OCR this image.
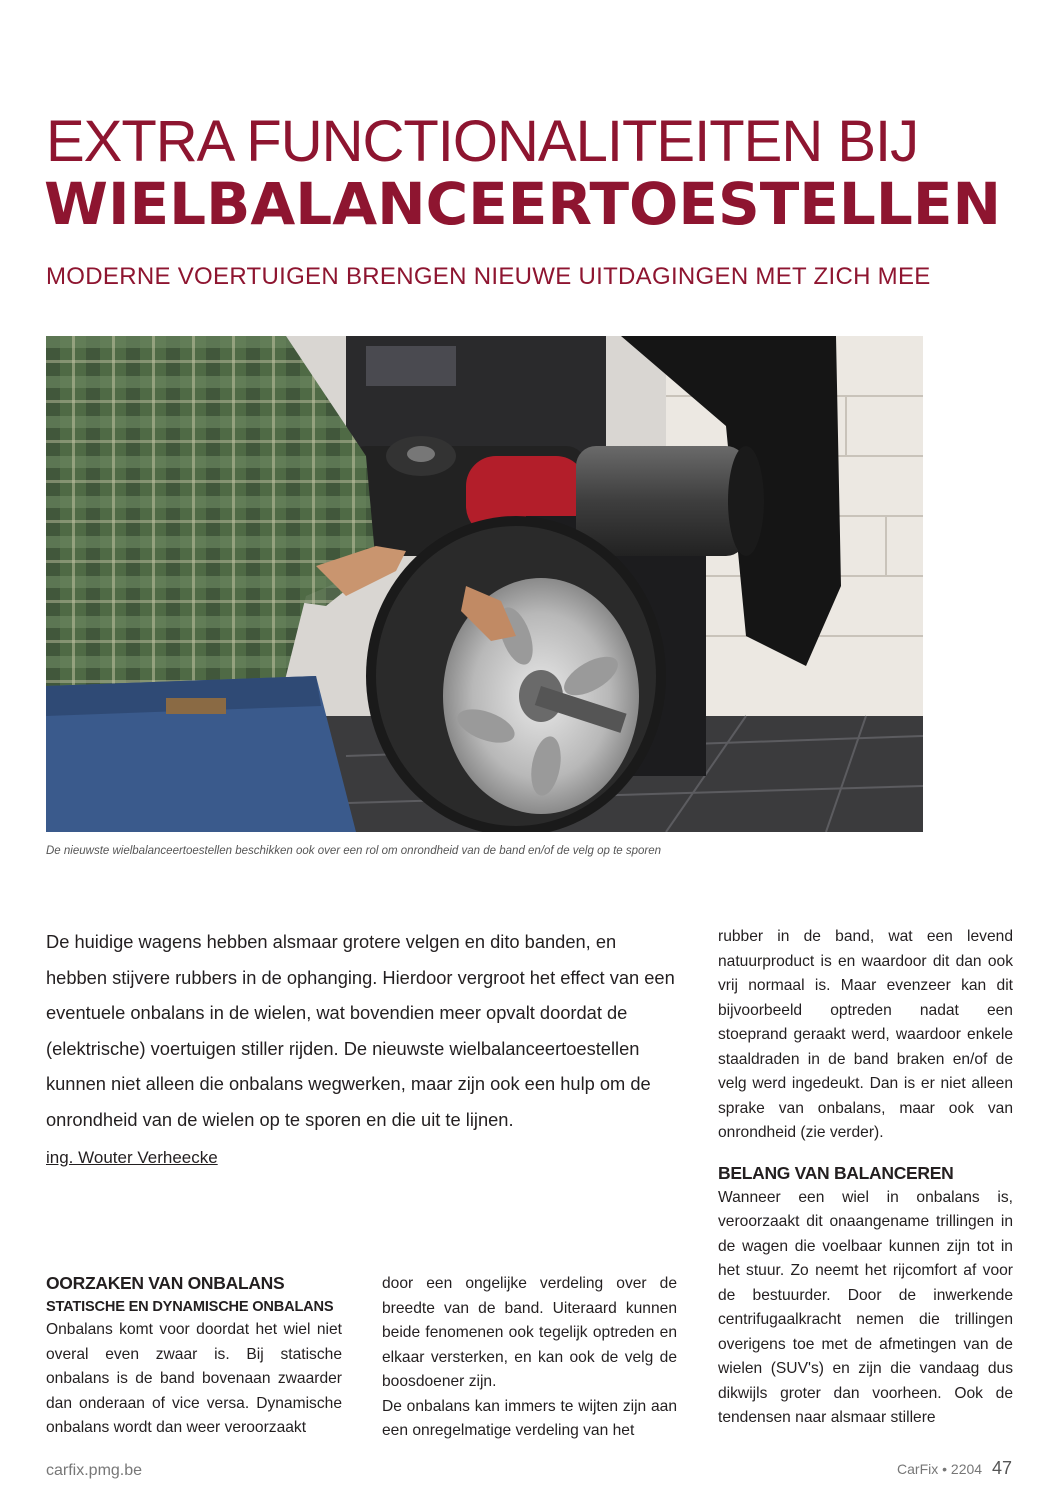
EXTRA FUNCTIONALITEITEN BIJ
WIELBALANCEERTOESTELLEN
MODERNE VOERTUIGEN BRENGEN NIEUWE UITDAGINGEN MET ZICH MEE
De nieuwste wielbalanceertoestellen beschikken ook over een rol om onrondheid van de band en/of de velg op te sporen
De huidige wagens hebben alsmaar grotere velgen en dito banden, en hebben stijvere rubbers in de ophanging. Hierdoor vergroot het effect van een eventuele onbalans in de wielen, wat bovendien meer opvalt doordat de (elektrische) voertuigen stiller rijden. De nieuwste wielbalanceertoestellen kunnen niet alleen die onbalans wegwerken, maar zijn ook een hulp om de onrondheid van de wielen op te sporen en die uit te lijnen.
ing. Wouter Verheecke

OORZAKEN VAN ONBALANS

STATISCHE EN DYNAMISCHE ONBALANS

Onbalans komt voor doordat het wiel niet overal even zwaar is. Bij statische onbalans is de band bovenaan zwaarder dan onderaan of vice versa. Dynamische onbalans wordt dan weer veroorzaakt

door een ongelijke verdeling over de breedte van de band. Uiteraard kunnen beide fenomenen ook tegelijk optreden en elkaar versterken, en kan ook de velg de boosdoener zijn.

De onbalans kan immers te wijten zijn aan een onregelmatige verdeling van het

rubber in de band, wat een levend natuurproduct is en waardoor dit dan ook vrij normaal is. Maar evenzeer kan dit bijvoorbeeld optreden nadat een stoeprand geraakt werd, waardoor enkele staaldraden in de band braken en/of de velg werd ingedeukt. Dan is er niet alleen sprake van onbalans, maar ook van onrondheid (zie verder).

BELANG VAN BALANCEREN

Wanneer een wiel in onbalans is, veroorzaakt dit onaangename trillingen in de wagen die voelbaar kunnen zijn tot in het stuur. Zo neemt het rijcomfort af voor de bestuurder. Door de inwerkende centrifugaalkracht nemen die trillingen overigens toe met de afmetingen van de wielen (SUV's) en zijn die vandaag dus dikwijls groter dan voorheen. Ook de tendensen naar alsmaar stillere

carfix.pmg.be	CarFix • 2204 47
